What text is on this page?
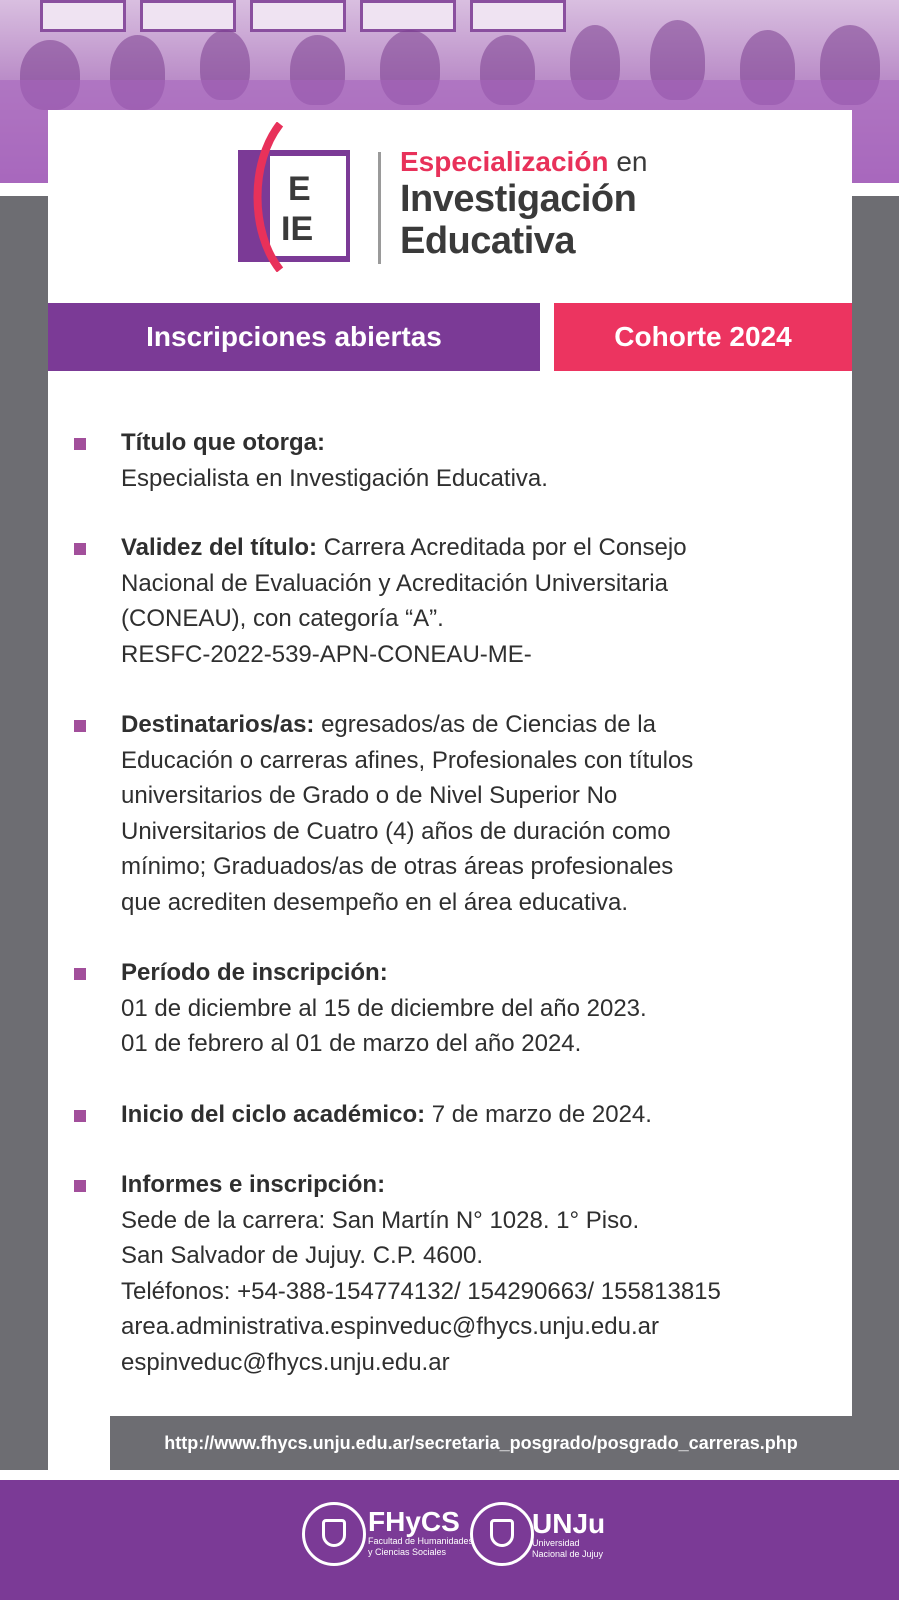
E
IE
Especialización en
Investigación
Educativa
Inscripciones abiertas	Cohorte 2024
Título que otorga:
Especialista en Investigación Educativa.
Validez del título: Carrera Acreditada por el Consejo
Nacional de Evaluación y Acreditación Universitaria
(CONEAU), con categoría “A”.
RESFC-2022-539-APN-CONEAU-ME-
Destinatarios/as: egresados/as de Ciencias de la
Educación o carreras afines, Profesionales con títulos
universitarios de Grado o de Nivel Superior No
Universitarios de Cuatro (4) años de duración como
mínimo; Graduados/as de otras áreas profesionales
que acrediten desempeño en el área educativa.
Período de inscripción:
01 de diciembre al 15 de diciembre del año 2023.
01 de febrero al 01 de marzo del año 2024.
Inicio del ciclo académico: 7 de marzo de 2024.
Informes e inscripción:
Sede de la carrera: San Martín N° 1028. 1° Piso.
San Salvador de Jujuy. C.P. 4600.
Teléfonos: +54-388-154774132/ 154290663/ 155813815
area.administrativa.espinveduc@fhycs.unju.edu.ar
espinveduc@fhycs.unju.edu.ar
http://www.fhycs.unju.edu.ar/secretaria_posgrado/posgrado_carreras.php
FHyCS
Facultad de Humanidades
y Ciencias Sociales
UNJu
Universidad
Nacional de Jujuy
